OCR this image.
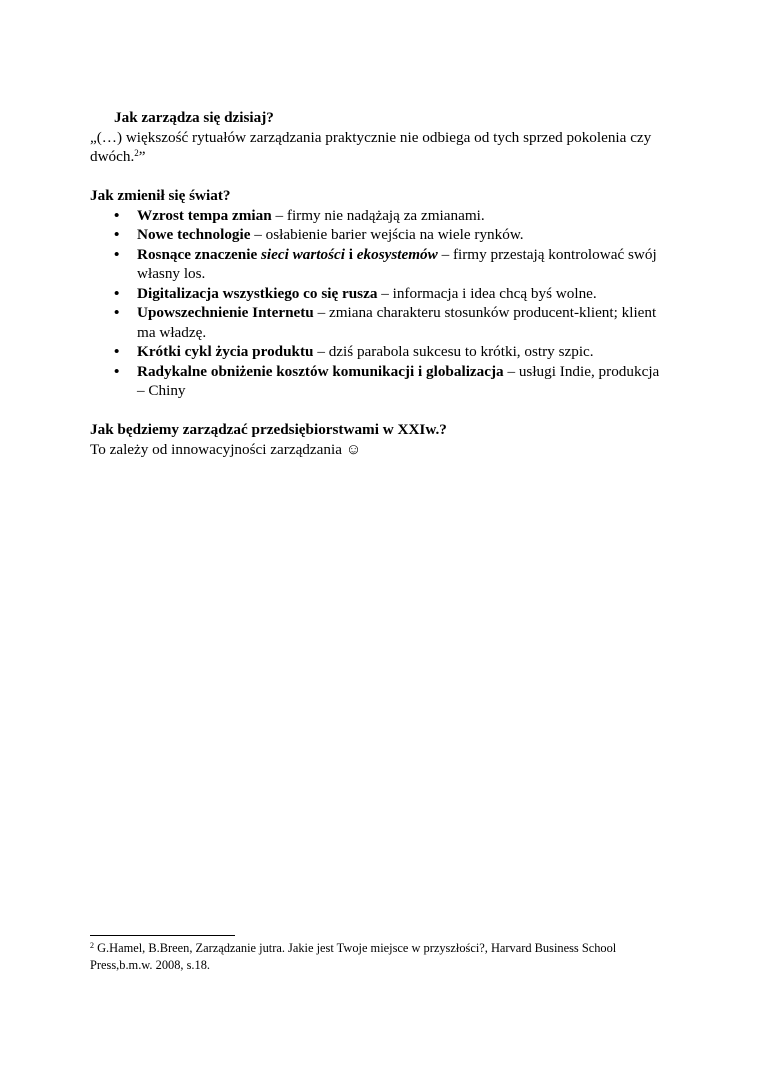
Jak zarządza się dzisiaj?

„(…) większość rytuałów zarządzania praktycznie nie odbiega od tych sprzed pokolenia czy dwóch.$^2$”

Jak zmienił się świat?

• Wzrost tempa zmian – firmy nie nadążają za zmianami.
• Nowe technologie – osłabienie barier wejścia na wiele rynków.
• Rosnące znaczenie sieci wartości i ekosystemów – firmy przestają kontrolować swój własny los.
• Digitalizacja wszystkiego co się rusza – informacja i idea chcą byś wolne.
• Upowszechnienie Internetu – zmiana charakteru stosunków producent-klient; klient ma władzę.
• Krótki cykl życia produktu – dziś parabola sukcesu to krótki, ostry szpic.
• Radykalne obniżenie kosztów komunikacji i globalizacja – usługi Indie, produkcja – Chiny

Jak będziemy zarządzać przedsiębiorstwami w XXIw.?

To zależy od innowacyjności zarządzania ☺

$^2$ G.Hamel, B.Breen, Zarządzanie jutra. Jakie jest Twoje miejsce w przyszłości?, Harvard Business School Press,b.m.w. 2008, s.18.
